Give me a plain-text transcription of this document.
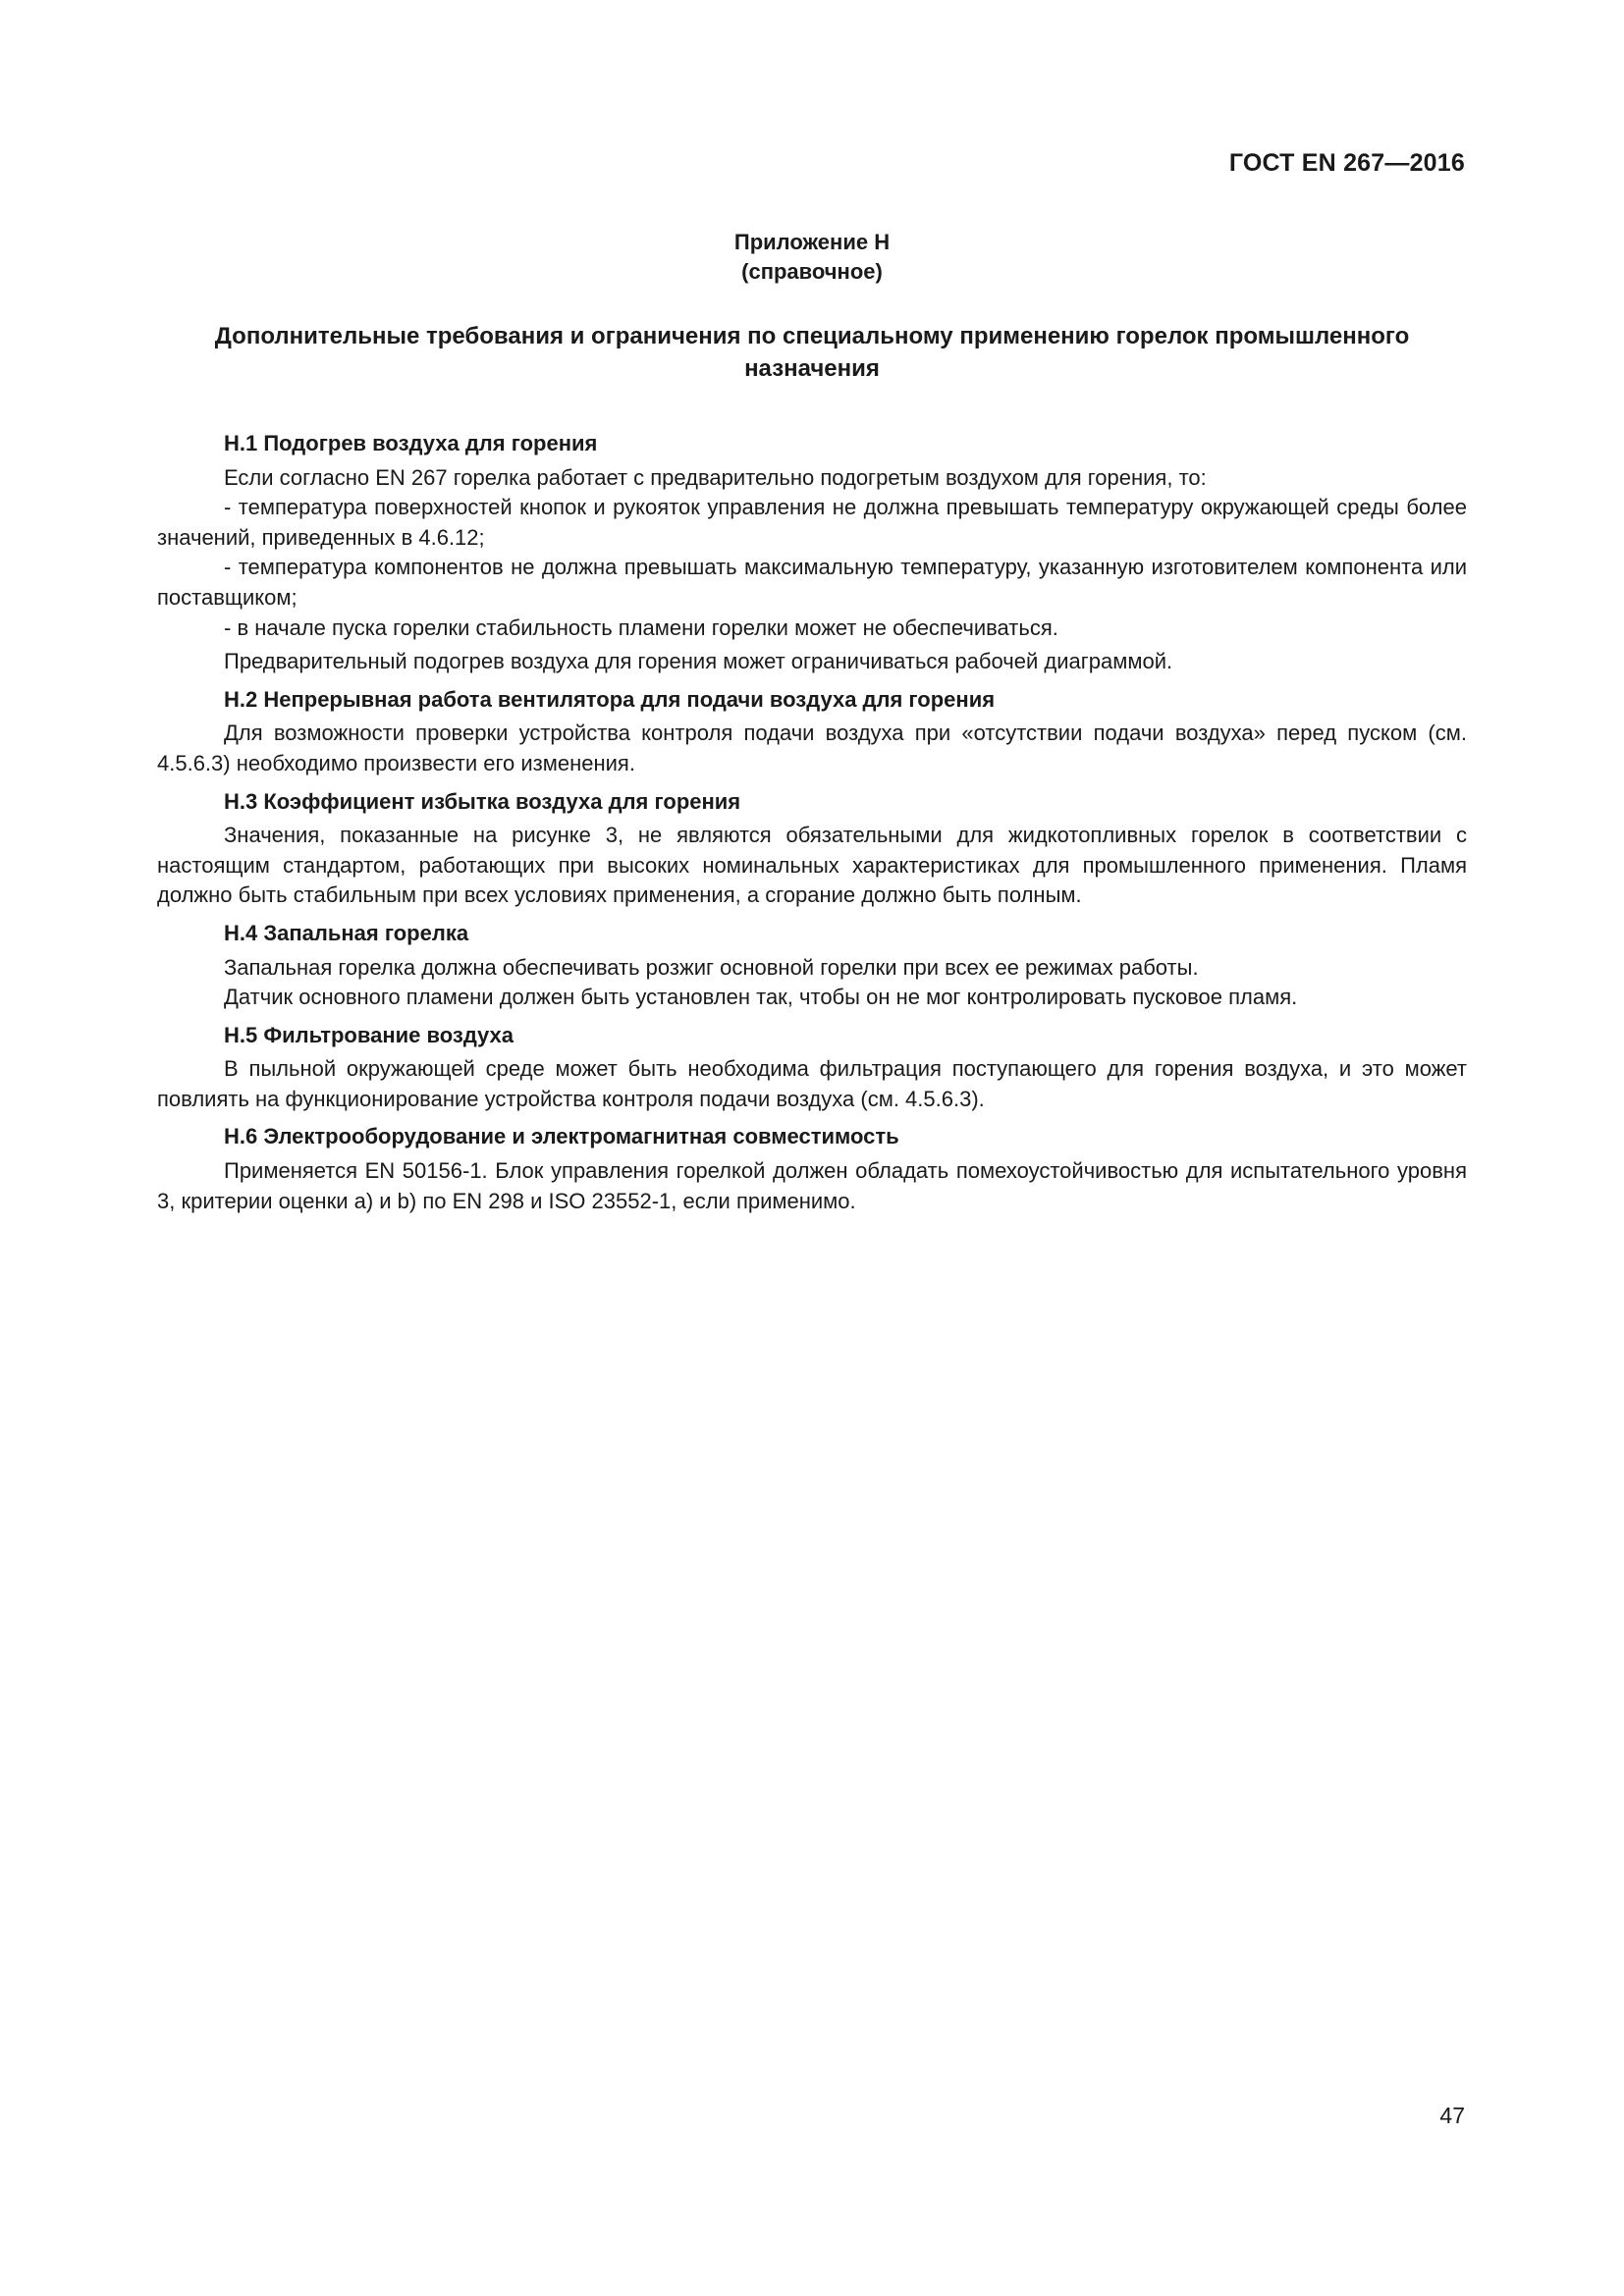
ГОСТ EN 267—2016
Приложение Н
(справочное)
Дополнительные требования и ограничения по специальному применению горелок промышленного назначения

Н.1 Подогрев воздуха для горения

Если согласно EN 267 горелка работает с предварительно подогретым воздухом для горения, то:

- температура поверхностей кнопок и рукояток управления не должна превышать температуру окружающей среды более значений, приведенных в 4.6.12;

- температура компонентов не должна превышать максимальную температуру, указанную изготовителем компонента или поставщиком;

- в начале пуска горелки стабильность пламени горелки может не обеспечиваться.

Предварительный подогрев воздуха для горения может ограничиваться рабочей диаграммой.

Н.2 Непрерывная работа вентилятора для подачи воздуха для горения

Для возможности проверки устройства контроля подачи воздуха при «отсутствии подачи воздуха» перед пуском (см. 4.5.6.3) необходимо произвести его изменения.

Н.3 Коэффициент избытка воздуха для горения

Значения, показанные на рисунке 3, не являются обязательными для жидкотопливных горелок в соответствии с настоящим стандартом, работающих при высоких номинальных характеристиках для промышленного применения. Пламя должно быть стабильным при всех условиях применения, а сгорание должно быть полным.

Н.4 Запальная горелка

Запальная горелка должна обеспечивать розжиг основной горелки при всех ее режимах работы.

Датчик основного пламени должен быть установлен так, чтобы он не мог контролировать пусковое пламя.

Н.5 Фильтрование воздуха

В пыльной окружающей среде может быть необходима фильтрация поступающего для горения воздуха, и это может повлиять на функционирование устройства контроля подачи воздуха (см. 4.5.6.3).

Н.6 Электрооборудование и электромагнитная совместимость

Применяется EN 50156-1. Блок управления горелкой должен обладать помехоустойчивостью для испытательного уровня 3, критерии оценки a) и b) по EN 298 и ISO 23552-1, если применимо.

47
